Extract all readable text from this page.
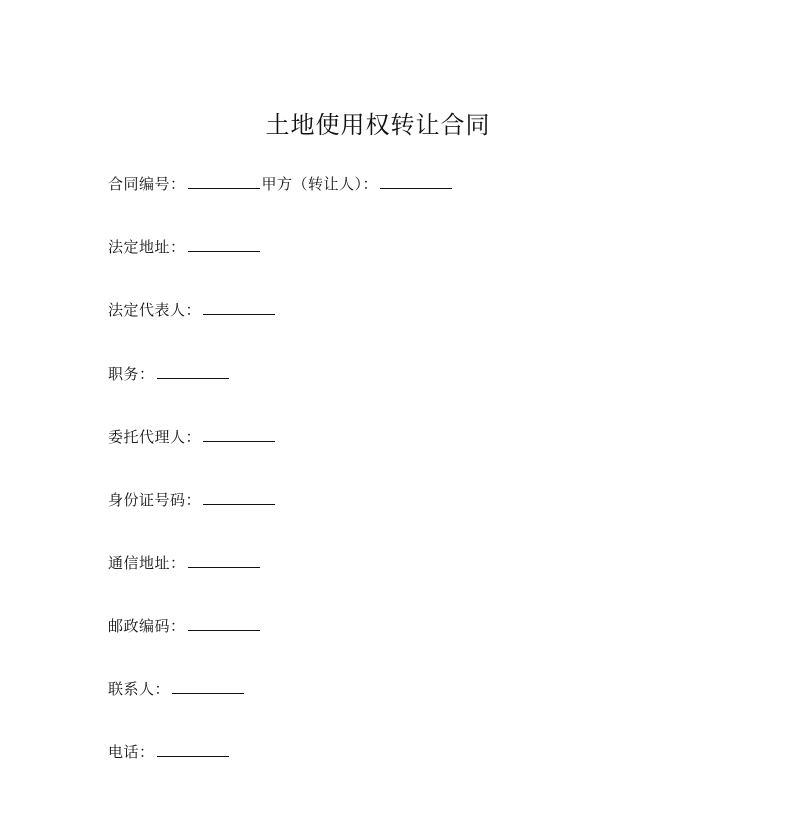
土地使用权转让合同
合同编号：	甲方（转让人）：
法定地址：
法定代表人：
职务：
委托代理人：
身份证号码：
通信地址：
邮政编码：
联系人：
电话：
